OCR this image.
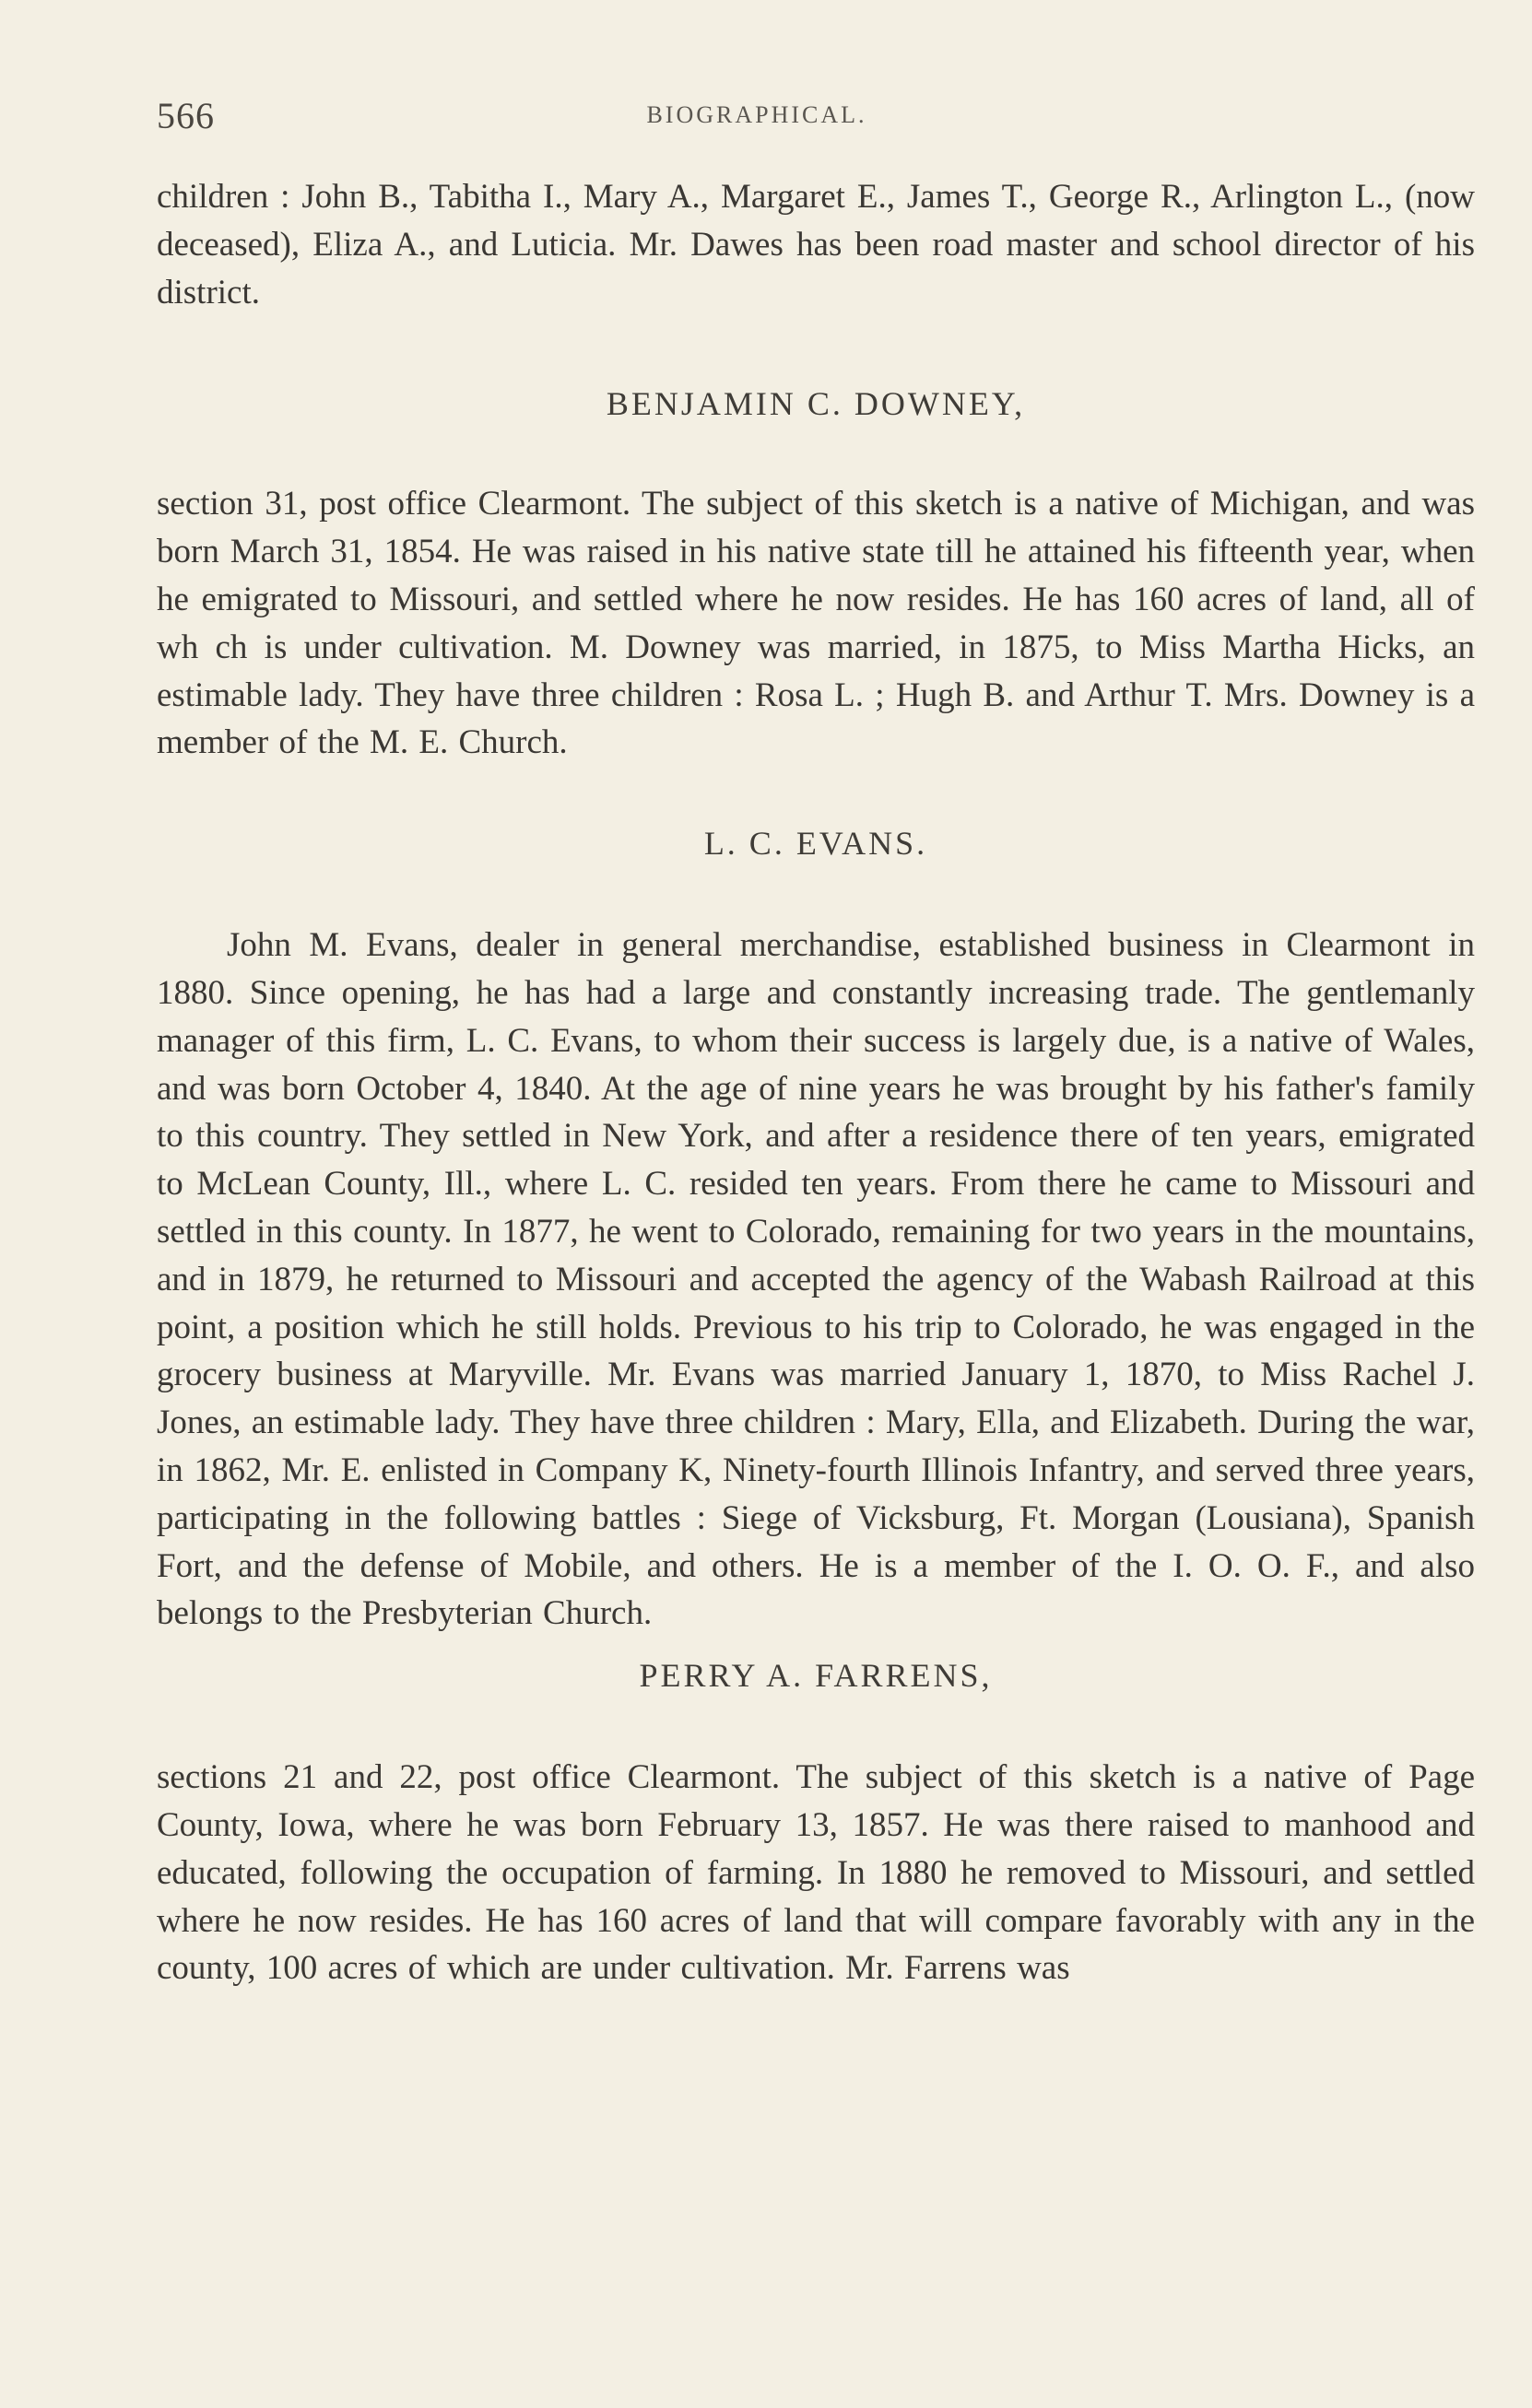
566	BIOGRAPHICAL.

children : John B., Tabitha I., Mary A., Margaret E., James T., George R., Arlington L., (now deceased), Eliza A., and Luticia. Mr. Dawes has been road master and school director of his district.

BENJAMIN C. DOWNEY,

section 31, post office Clearmont. The subject of this sketch is a native of Michigan, and was born March 31, 1854. He was raised in his native state till he attained his fifteenth year, when he emigrated to Missouri, and settled where he now resides. He has 160 acres of land, all of wh ch is under cultivation. M. Downey was married, in 1875, to Miss Martha Hicks, an estimable lady. They have three children : Rosa L. ; Hugh B. and Arthur T. Mrs. Downey is a member of the M. E. Church.

L. C. EVANS.

John M. Evans, dealer in general merchandise, established business in Clearmont in 1880. Since opening, he has had a large and constantly increasing trade. The gentlemanly manager of this firm, L. C. Evans, to whom their success is largely due, is a native of Wales, and was born October 4, 1840. At the age of nine years he was brought by his father's family to this country. They settled in New York, and after a residence there of ten years, emigrated to McLean County, Ill., where L. C. resided ten years. From there he came to Missouri and settled in this county. In 1877, he went to Colorado, remaining for two years in the mountains, and in 1879, he returned to Missouri and accepted the agency of the Wabash Railroad at this point, a position which he still holds. Previous to his trip to Colorado, he was engaged in the grocery business at Maryville. Mr. Evans was married January 1, 1870, to Miss Rachel J. Jones, an estimable lady. They have three children : Mary, Ella, and Elizabeth. During the war, in 1862, Mr. E. enlisted in Company K, Ninety-fourth Illinois Infantry, and served three years, participating in the following battles : Siege of Vicksburg, Ft. Morgan (Lousiana), Spanish Fort, and the defense of Mobile, and others. He is a member of the I. O. O. F., and also belongs to the Presbyterian Church.

PERRY A. FARRENS,

sections 21 and 22, post office Clearmont. The subject of this sketch is a native of Page County, Iowa, where he was born February 13, 1857. He was there raised to manhood and educated, following the occupation of farming. In 1880 he removed to Missouri, and settled where he now resides. He has 160 acres of land that will compare favorably with any in the county, 100 acres of which are under cultivation. Mr. Farrens was
